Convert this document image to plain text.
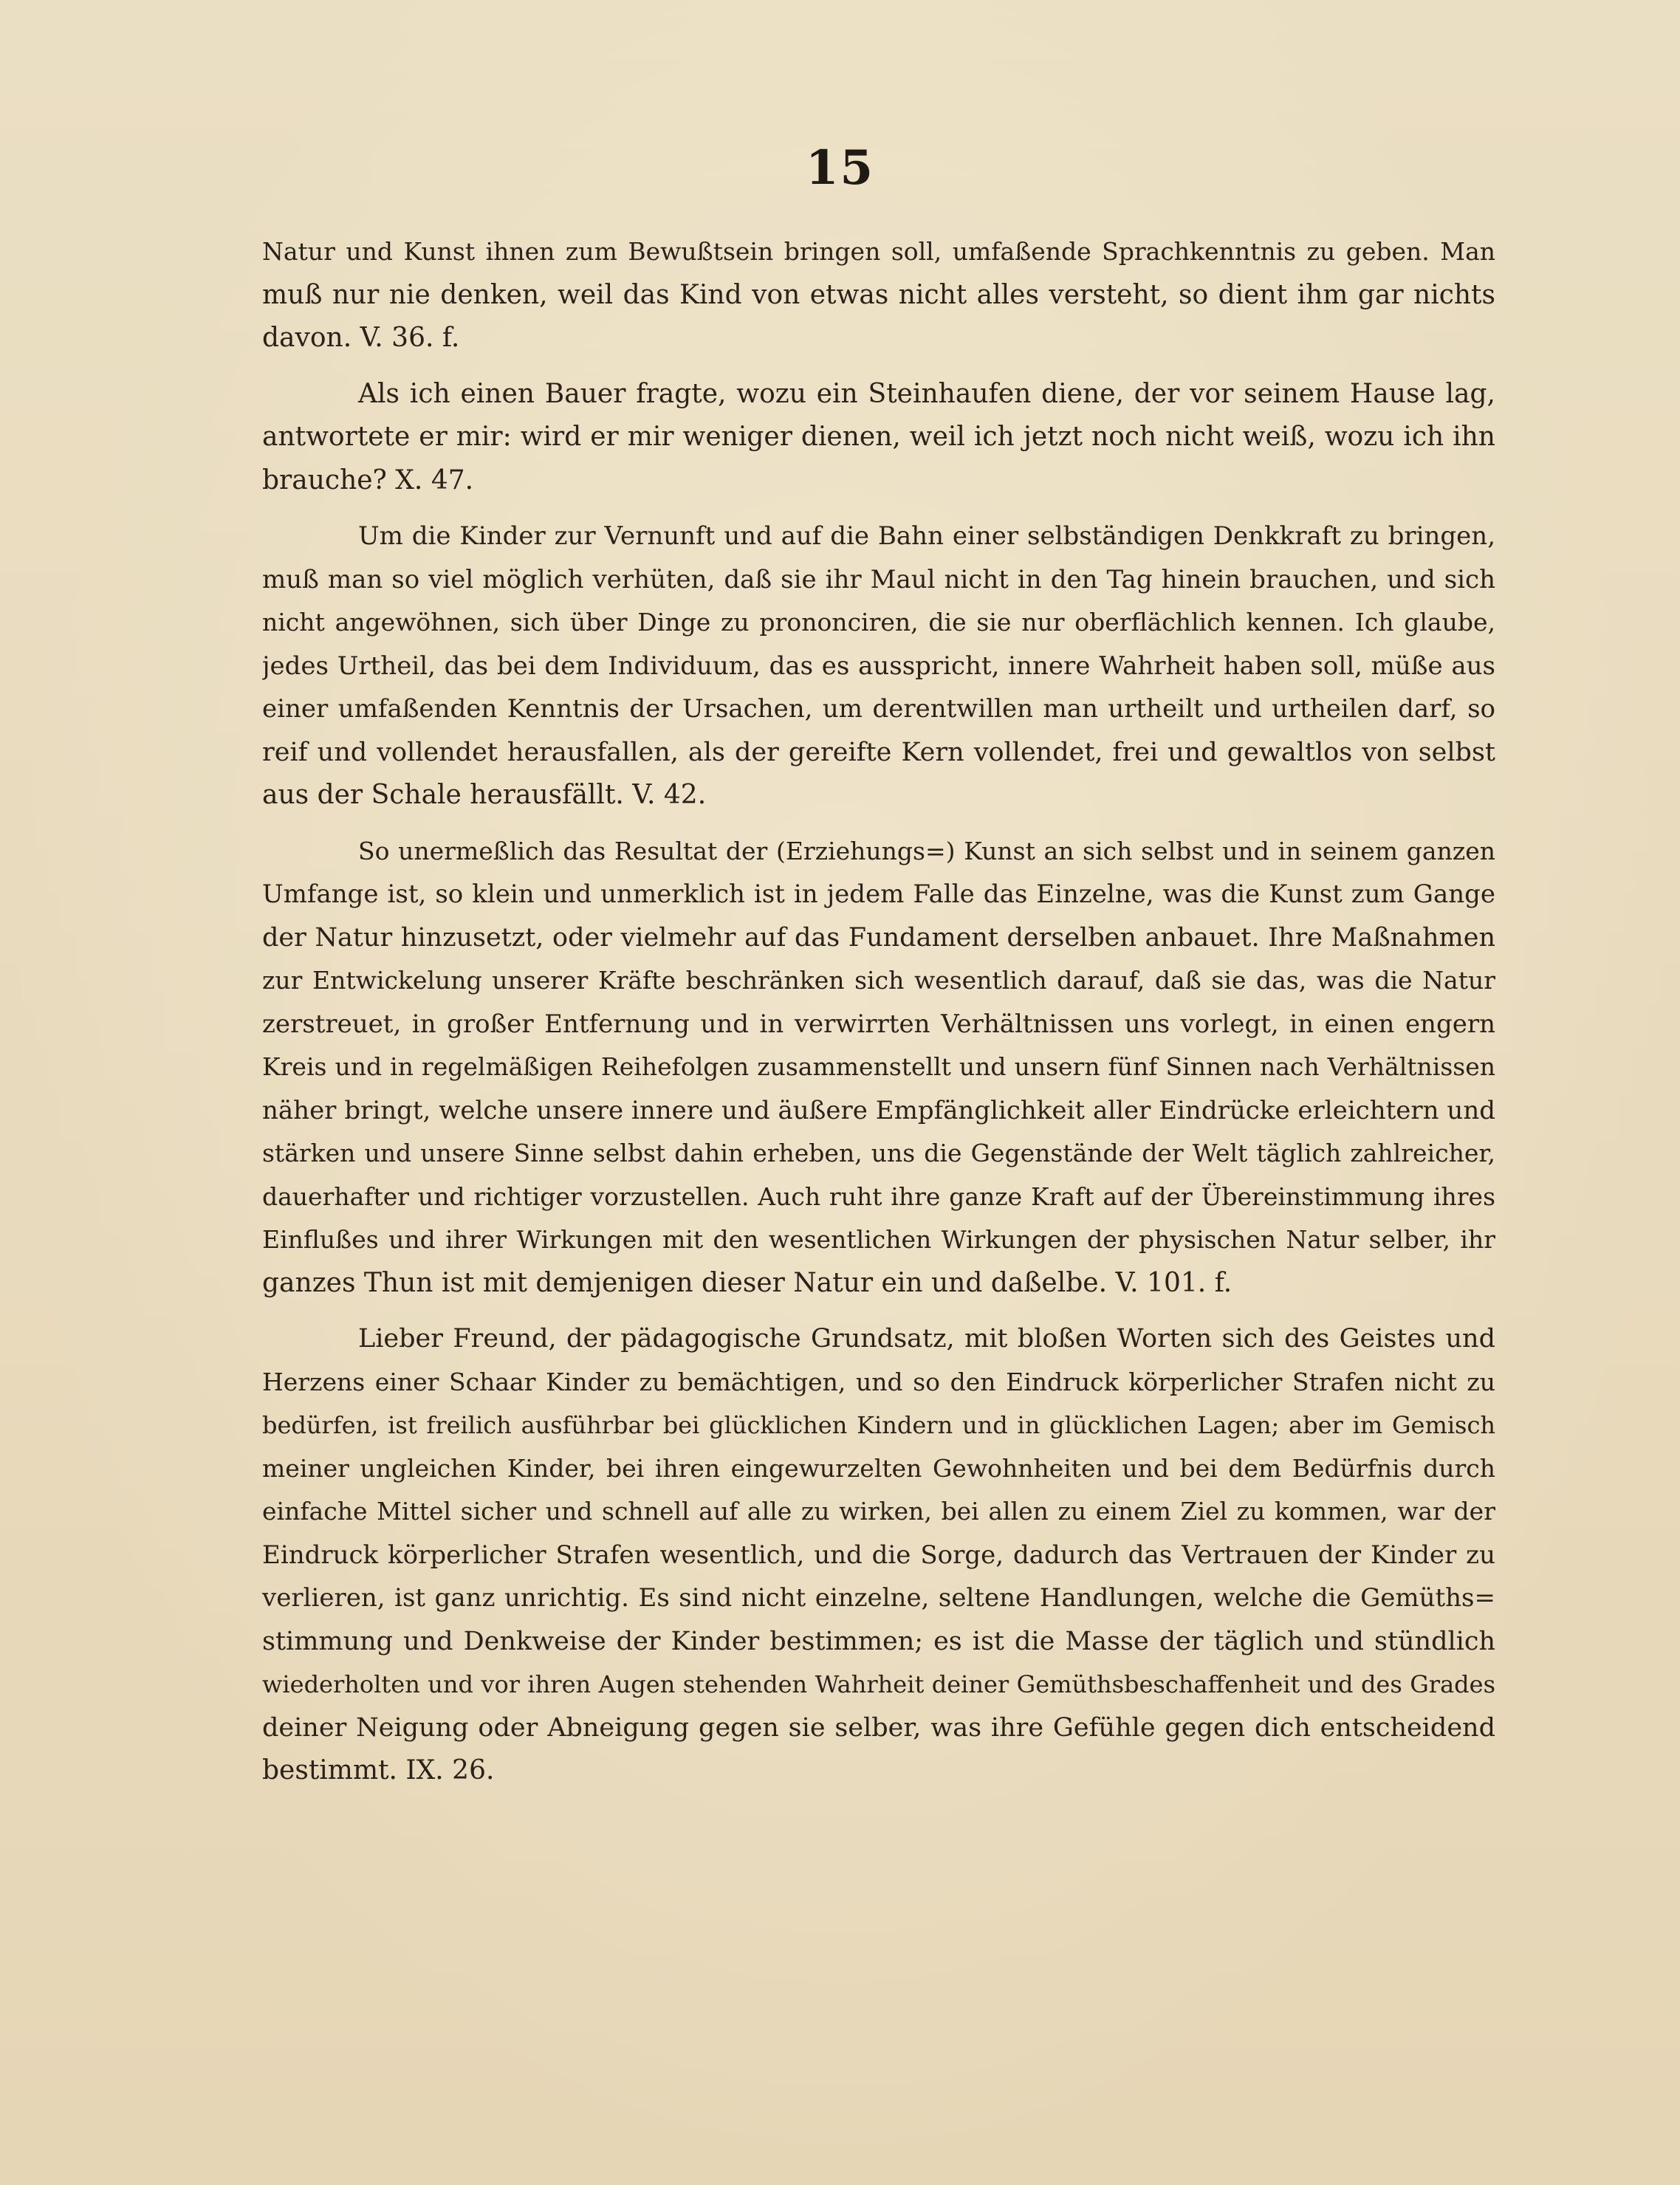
15
Natur und Kunst ihnen zum Bewußtsein bringen soll, umfaßende Sprachkenntnis zu geben. Man
muß nur nie denken, weil das Kind von etwas nicht alles versteht, so dient ihm gar nichts
davon. V. 36. f.
Als ich einen Bauer fragte, wozu ein Steinhaufen diene, der vor seinem Hause lag,
antwortete er mir: wird er mir weniger dienen, weil ich jetzt noch nicht weiß, wozu ich ihn
brauche? X. 47.
Um die Kinder zur Vernunft und auf die Bahn einer selbständigen Denkkraft zu bringen,
muß man so viel möglich verhüten, daß sie ihr Maul nicht in den Tag hinein brauchen, und sich
nicht angewöhnen, sich über Dinge zu prononciren, die sie nur oberflächlich kennen. Ich glaube,
jedes Urtheil, das bei dem Individuum, das es ausspricht, innere Wahrheit haben soll, müße aus
einer umfaßenden Kenntnis der Ursachen, um derentwillen man urtheilt und urtheilen darf, so
reif und vollendet herausfallen, als der gereifte Kern vollendet, frei und gewaltlos von selbst
aus der Schale herausfällt. V. 42.
So unermeßlich das Resultat der (Erziehungs=) Kunst an sich selbst und in seinem ganzen
Umfange ist, so klein und unmerklich ist in jedem Falle das Einzelne, was die Kunst zum Gange
der Natur hinzusetzt, oder vielmehr auf das Fundament derselben anbauet. Ihre Maßnahmen
zur Entwickelung unserer Kräfte beschränken sich wesentlich darauf, daß sie das, was die Natur
zerstreuet, in großer Entfernung und in verwirrten Verhältnissen uns vorlegt, in einen engern
Kreis und in regelmäßigen Reihefolgen zusammenstellt und unsern fünf Sinnen nach Verhältnissen
näher bringt, welche unsere innere und äußere Empfänglichkeit aller Eindrücke erleichtern und
stärken und unsere Sinne selbst dahin erheben, uns die Gegenstände der Welt täglich zahlreicher,
dauerhafter und richtiger vorzustellen. Auch ruht ihre ganze Kraft auf der Übereinstimmung ihres
Einflußes und ihrer Wirkungen mit den wesentlichen Wirkungen der physischen Natur selber, ihr
ganzes Thun ist mit demjenigen dieser Natur ein und daßelbe. V. 101. f.
Lieber Freund, der pädagogische Grundsatz, mit bloßen Worten sich des Geistes und
Herzens einer Schaar Kinder zu bemächtigen, und so den Eindruck körperlicher Strafen nicht zu
bedürfen, ist freilich ausführbar bei glücklichen Kindern und in glücklichen Lagen; aber im Gemisch
meiner ungleichen Kinder, bei ihren eingewurzelten Gewohnheiten und bei dem Bedürfnis durch
einfache Mittel sicher und schnell auf alle zu wirken, bei allen zu einem Ziel zu kommen, war der
Eindruck körperlicher Strafen wesentlich, und die Sorge, dadurch das Vertrauen der Kinder zu
verlieren, ist ganz unrichtig. Es sind nicht einzelne, seltene Handlungen, welche die Gemüths=
stimmung und Denkweise der Kinder bestimmen; es ist die Masse der täglich und stündlich
wiederholten und vor ihren Augen stehenden Wahrheit deiner Gemüthsbeschaffenheit und des Grades
deiner Neigung oder Abneigung gegen sie selber, was ihre Gefühle gegen dich entscheidend
bestimmt. IX. 26.
